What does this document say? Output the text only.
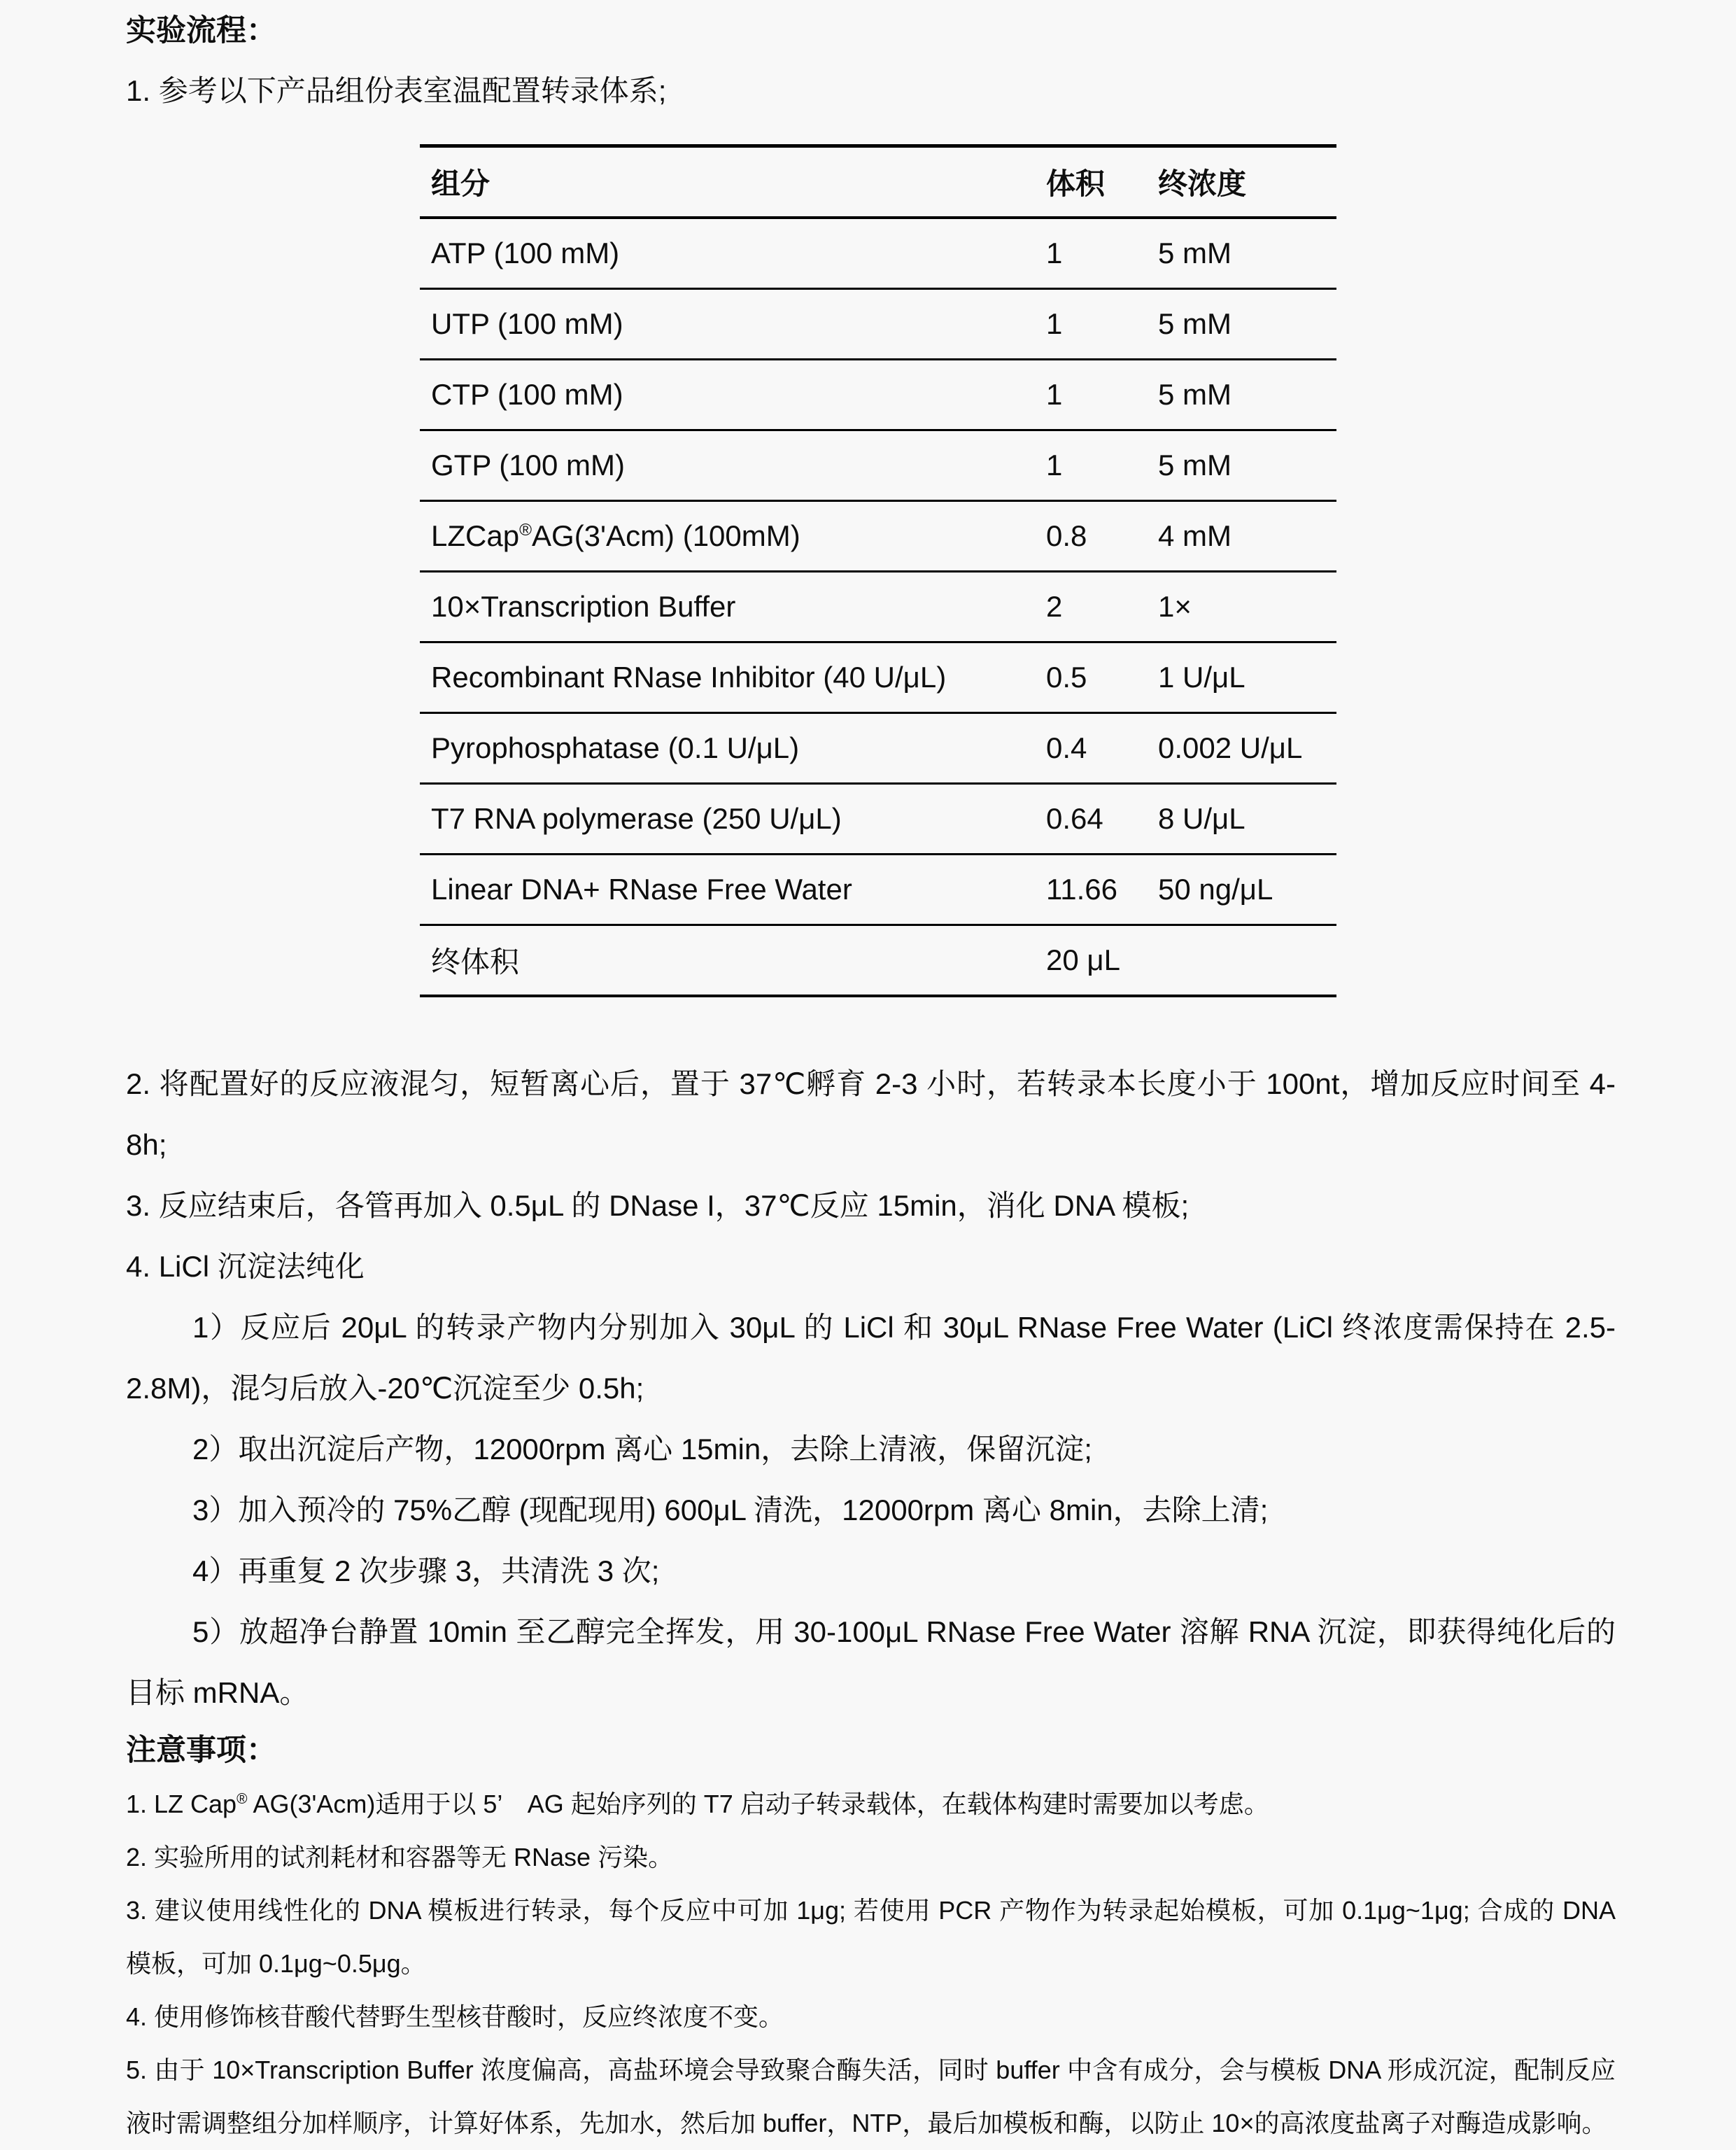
实验流程：

1. 参考以下产品组份表室温配置转录体系;

组分	体积	终浓度
ATP (100 mM)	1	5 mM
UTP (100 mM)	1	5 mM
CTP (100 mM)	1	5 mM
GTP (100 mM)	1	5 mM
LZCap®AG(3'Acm) (100mM)	0.8	4 mM
10×Transcription Buffer	2	1×
Recombinant RNase Inhibitor (40 U/μL)	0.5	1 U/μL
Pyrophosphatase (0.1 U/μL)	0.4	0.002 U/μL
T7 RNA polymerase (250 U/μL)	0.64	8 U/μL
Linear DNA+ RNase Free Water	11.66	50 ng/μL
终体积	20 μL	

2. 将配置好的反应液混匀，短暂离心后，置于 37℃孵育 2-3 小时，若转录本长度小于 100nt，增加反应时间至 4-8h;

3. 反应结束后，各管再加入 0.5μL 的 DNase I，37℃反应 15min，消化 DNA 模板;

4. LiCl 沉淀法纯化

1）反应后 20μL 的转录产物内分别加入 30μL 的 LiCl 和 30μL RNase Free Water (LiCl 终浓度需保持在 2.5-2.8M)，混匀后放入-20℃沉淀至少 0.5h;

2）取出沉淀后产物，12000rpm 离心 15min，去除上清液，保留沉淀;

3）加入预冷的 75%乙醇 (现配现用) 600μL 清洗，12000rpm 离心 8min，去除上清;

4）再重复 2 次步骤 3，共清洗 3 次;

5）放超净台静置 10min 至乙醇完全挥发，用 30-100μL RNase Free Water 溶解 RNA 沉淀，即获得纯化后的目标 mRNA。

注意事项：

1. LZ Cap® AG(3'Acm)适用于以 5’　AG 起始序列的 T7 启动子转录载体，在载体构建时需要加以考虑。

2. 实验所用的试剂耗材和容器等无 RNase 污染。

3. 建议使用线性化的 DNA 模板进行转录，每个反应中可加 1μg; 若使用 PCR 产物作为转录起始模板，可加 0.1μg~1μg; 合成的 DNA 模板，可加 0.1μg~0.5μg。

4. 使用修饰核苷酸代替野生型核苷酸时，反应终浓度不变。

5. 由于 10×Transcription Buffer 浓度偏高，高盐环境会导致聚合酶失活，同时 buffer 中含有成分，会与模板 DNA 形成沉淀，配制反应液时需调整组分加样顺序，计算好体系，先加水，然后加 buffer，NTP，最后加模板和酶，以防止 10×的高浓度盐离子对酶造成影响。
